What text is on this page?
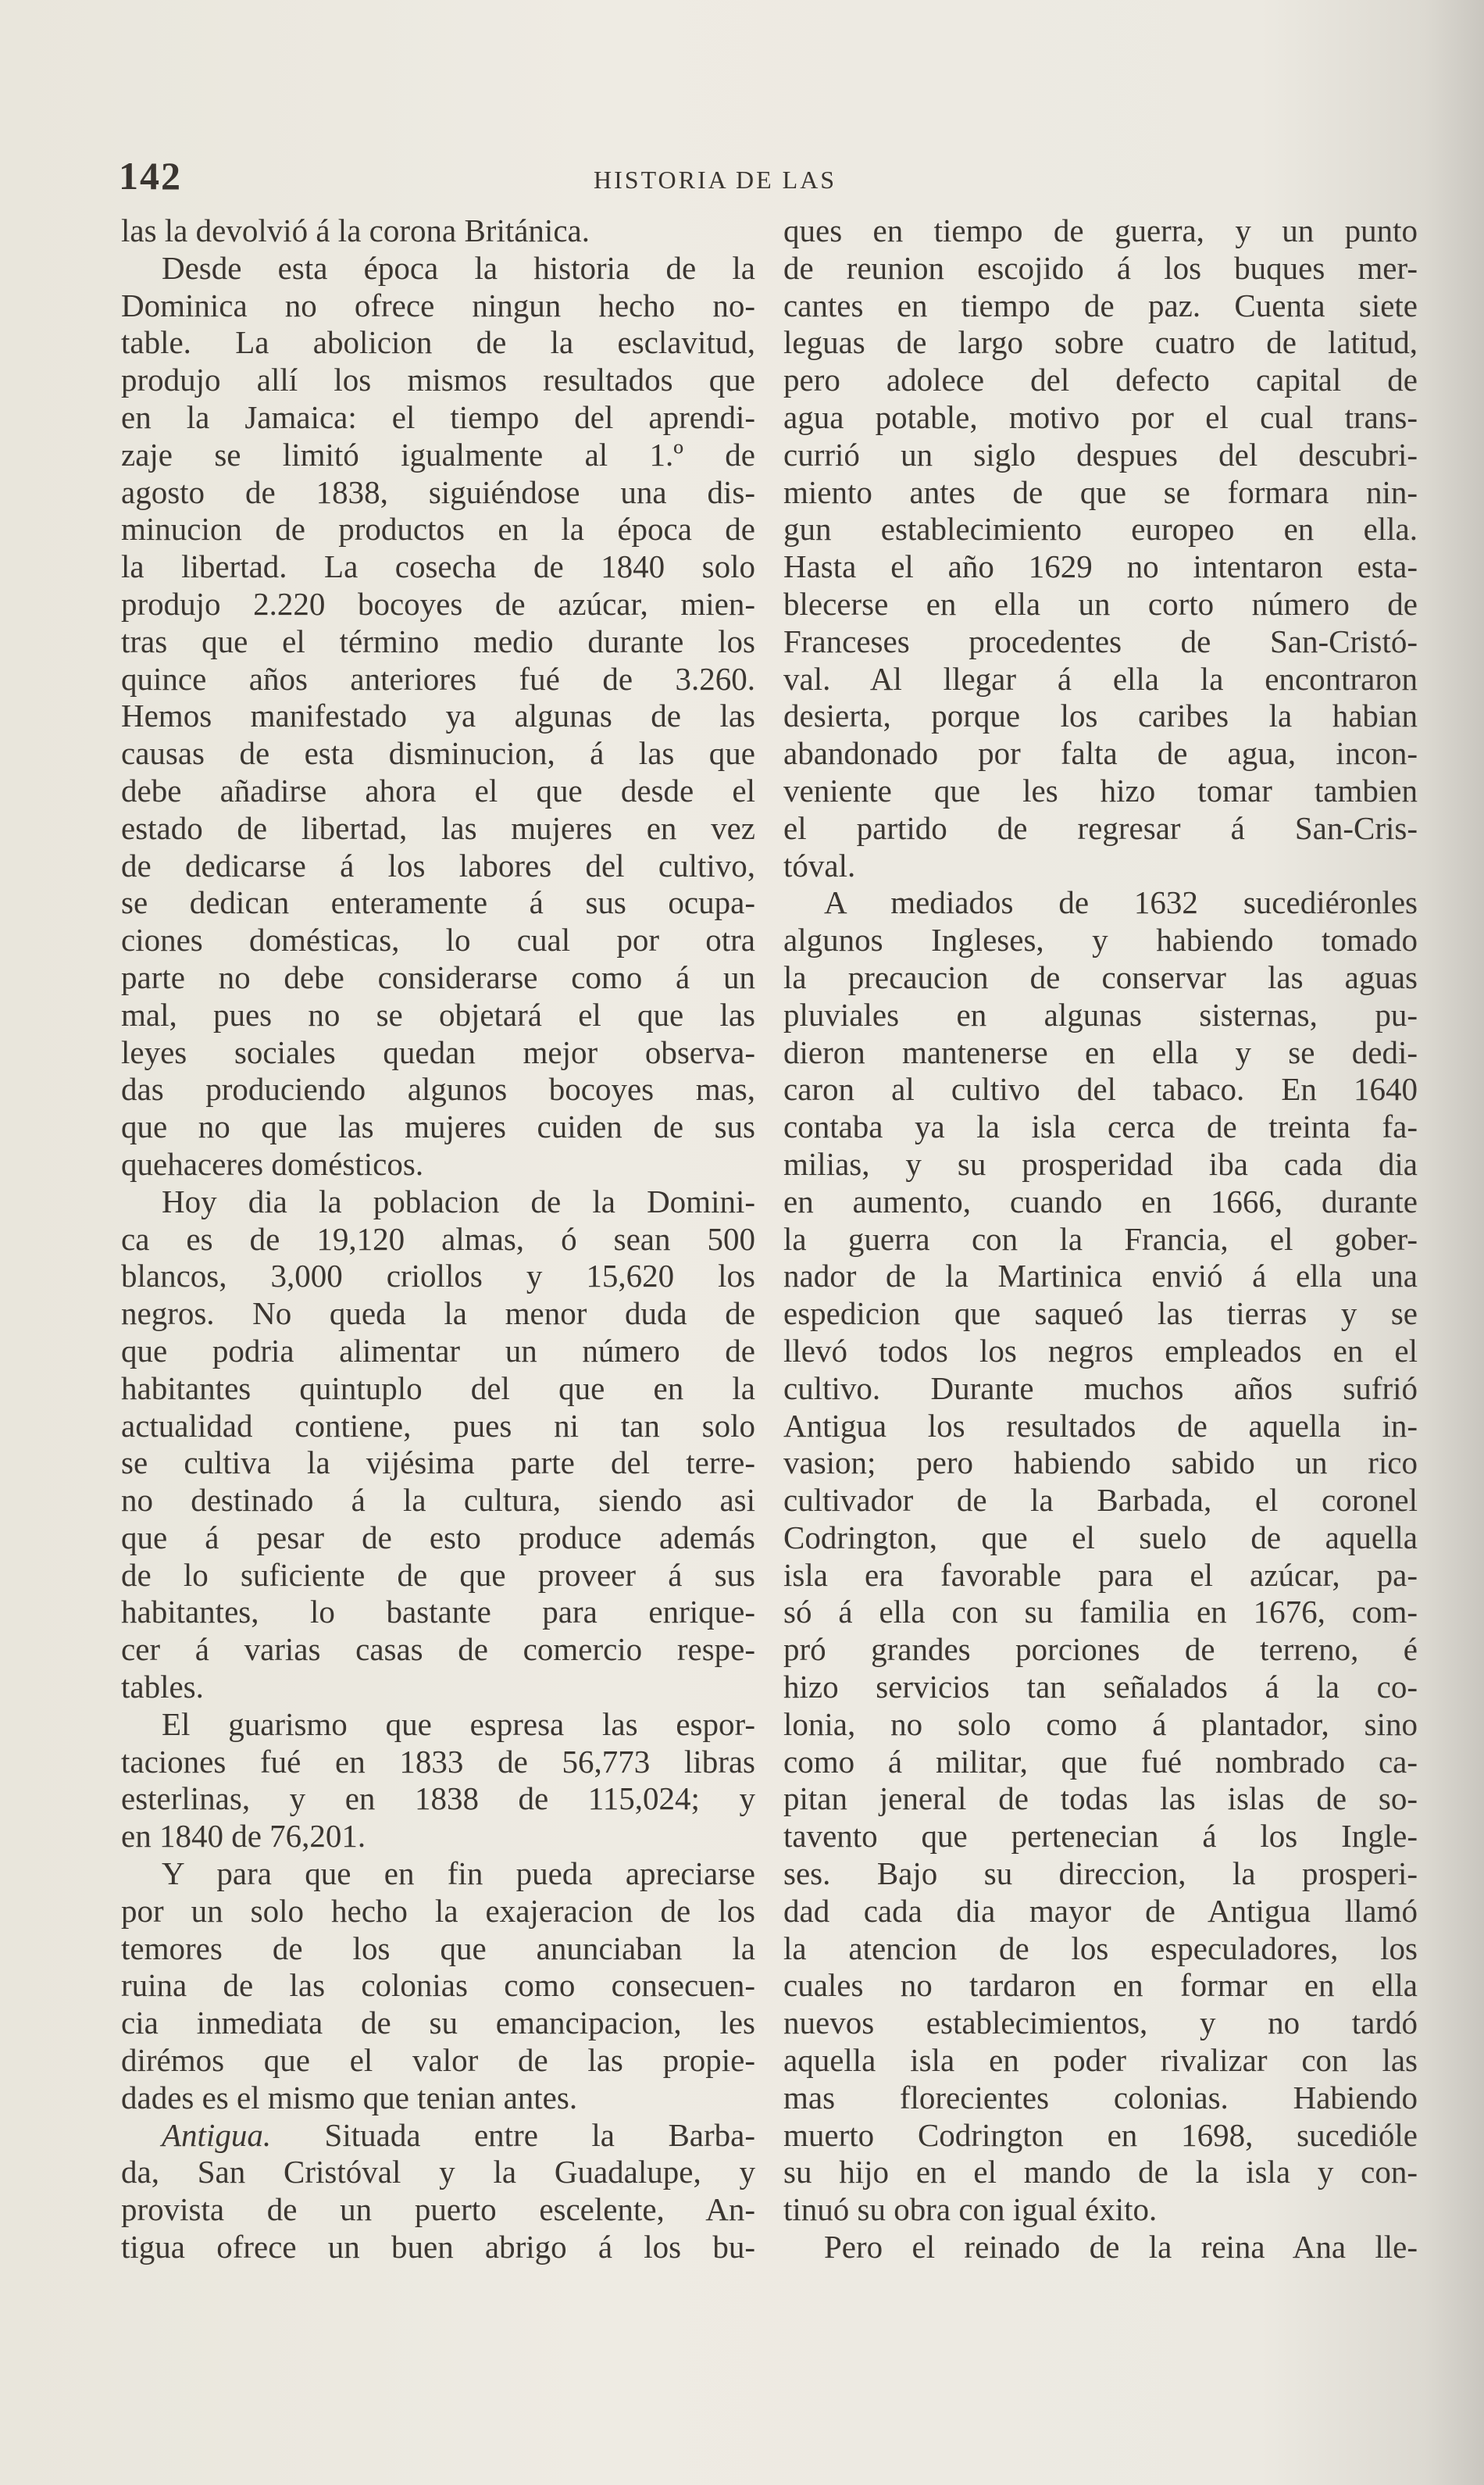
142	HISTORIA DE LAS
las la devolvió á la corona Británica.
Desde esta época la historia de la
Dominica no ofrece ningun hecho no-
table. La abolicion de la esclavitud,
produjo allí los mismos resultados que
en la Jamaica: el tiempo del aprendi-
zaje se limitó igualmente al 1.º de
agosto de 1838, siguiéndose una dis-
minucion de productos en la época de
la libertad. La cosecha de 1840 solo
produjo 2.220 bocoyes de azúcar, mien-
tras que el término medio durante los
quince años anteriores fué de 3.260.
Hemos manifestado ya algunas de las
causas de esta disminucion, á las que
debe añadirse ahora el que desde el
estado de libertad, las mujeres en vez
de dedicarse á los labores del cultivo,
se dedican enteramente á sus ocupa-
ciones domésticas, lo cual por otra
parte no debe considerarse como á un
mal, pues no se objetará el que las
leyes sociales quedan mejor observa-
das produciendo algunos bocoyes mas,
que no que las mujeres cuiden de sus
quehaceres domésticos.
Hoy dia la poblacion de la Domini-
ca es de 19,120 almas, ó sean 500
blancos, 3,000 criollos y 15,620 los
negros. No queda la menor duda de
que podria alimentar un número de
habitantes quintuplo del que en la
actualidad contiene, pues ni tan solo
se cultiva la vijésima parte del terre-
no destinado á la cultura, siendo asi
que á pesar de esto produce además
de lo suficiente de que proveer á sus
habitantes, lo bastante para enrique-
cer á varias casas de comercio respe-
tables.
El guarismo que espresa las espor-
taciones fué en 1833 de 56,773 libras
esterlinas, y en 1838 de 115,024; y
en 1840 de 76,201.
Y para que en fin pueda apreciarse
por un solo hecho la exajeracion de los
temores de los que anunciaban la
ruina de las colonias como consecuen-
cia inmediata de su emancipacion, les
dirémos que el valor de las propie-
dades es el mismo que tenian antes.
Antigua. Situada entre la Barba-
da, San Cristóval y la Guadalupe, y
provista de un puerto escelente, An-
tigua ofrece un buen abrigo á los bu-
ques en tiempo de guerra, y un punto
de reunion escojido á los buques mer-
cantes en tiempo de paz. Cuenta siete
leguas de largo sobre cuatro de latitud,
pero adolece del defecto capital de
agua potable, motivo por el cual trans-
currió un siglo despues del descubri-
miento antes de que se formara nin-
gun establecimiento europeo en ella.
Hasta el año 1629 no intentaron esta-
blecerse en ella un corto número de
Franceses procedentes de San-Cristó-
val. Al llegar á ella la encontraron
desierta, porque los caribes la habian
abandonado por falta de agua, incon-
veniente que les hizo tomar tambien
el partido de regresar á San-Cris-
tóval.
A mediados de 1632 sucediéronles
algunos Ingleses, y habiendo tomado
la precaucion de conservar las aguas
pluviales en algunas sisternas, pu-
dieron mantenerse en ella y se dedi-
caron al cultivo del tabaco. En 1640
contaba ya la isla cerca de treinta fa-
milias, y su prosperidad iba cada dia
en aumento, cuando en 1666, durante
la guerra con la Francia, el gober-
nador de la Martinica envió á ella una
espedicion que saqueó las tierras y se
llevó todos los negros empleados en el
cultivo. Durante muchos años sufrió
Antigua los resultados de aquella in-
vasion; pero habiendo sabido un rico
cultivador de la Barbada, el coronel
Codrington, que el suelo de aquella
isla era favorable para el azúcar, pa-
só á ella con su familia en 1676, com-
pró grandes porciones de terreno, é
hizo servicios tan señalados á la co-
lonia, no solo como á plantador, sino
como á militar, que fué nombrado ca-
pitan jeneral de todas las islas de so-
tavento que pertenecian á los Ingle-
ses. Bajo su direccion, la prosperi-
dad cada dia mayor de Antigua llamó
la atencion de los especuladores, los
cuales no tardaron en formar en ella
nuevos establecimientos, y no tardó
aquella isla en poder rivalizar con las
mas florecientes colonias. Habiendo
muerto Codrington en 1698, sucedióle
su hijo en el mando de la isla y con-
tinuó su obra con igual éxito.
Pero el reinado de la reina Ana lle-
